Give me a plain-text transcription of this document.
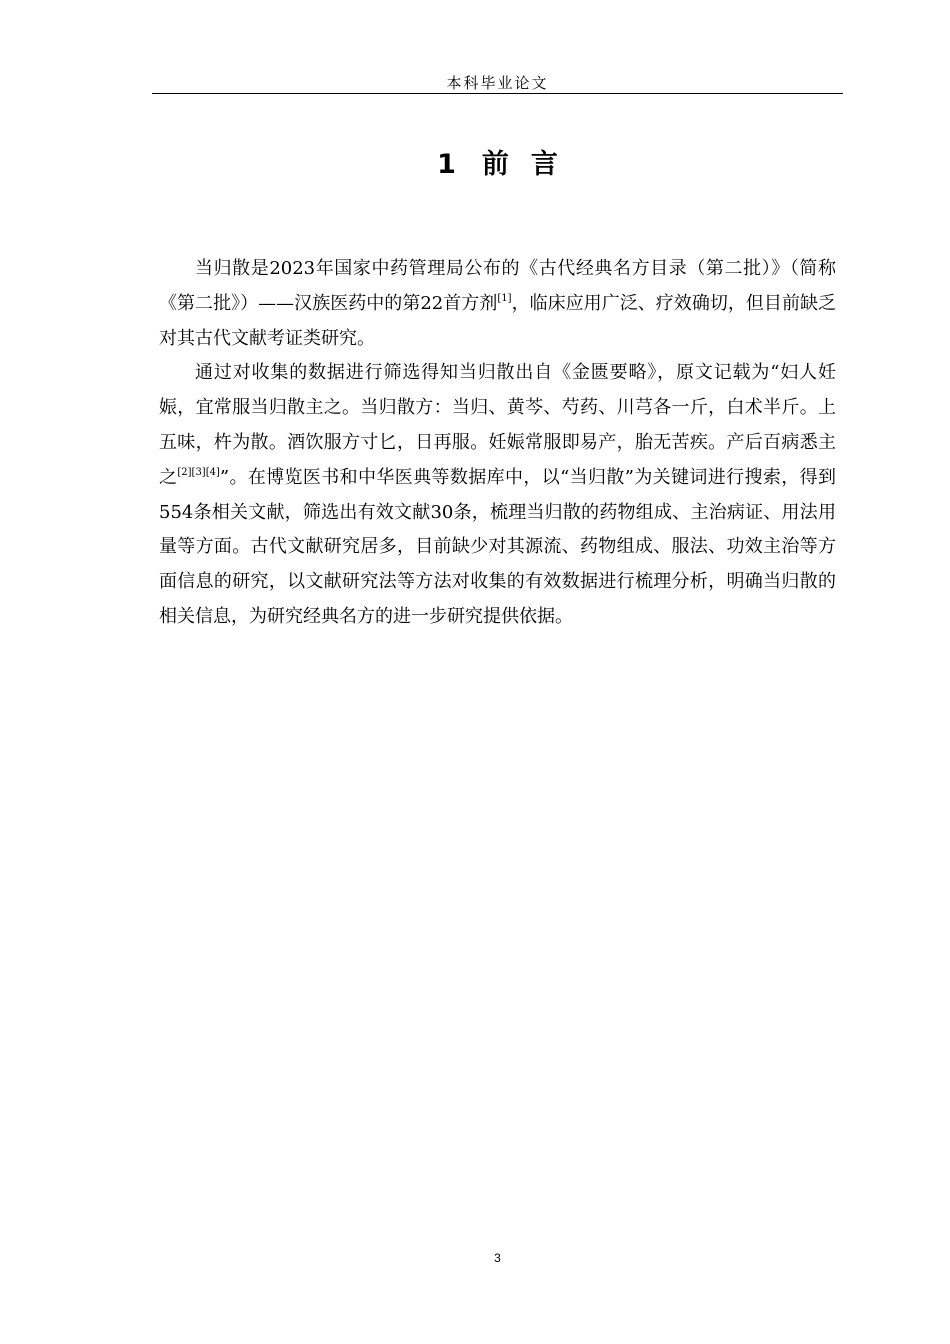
本科毕业论文
1 前言

当归散是2023年国家中药管理局公布的《古代经典名方目录（第二批）》（简称《第二批》）——汉族医药中的第22首方剂[1]，临床应用广泛、疗效确切，但目前缺乏对其古代文献考证类研究。

通过对收集的数据进行筛选得知当归散出自《金匮要略》，原文记载为“妇人妊娠，宜常服当归散主之。当归散方：当归、黄芩、芍药、川芎各一斤，白术半斤。上五味，杵为散。酒饮服方寸匕，日再服。妊娠常服即易产，胎无苦疾。产后百病悉主之[2][3][4]”。在博览医书和中华医典等数据库中，以“当归散”为关键词进行搜索，得到554条相关文献，筛选出有效文献30条，梳理当归散的药物组成、主治病证、用法用量等方面。古代文献研究居多，目前缺少对其源流、药物组成、服法、功效主治等方面信息的研究，以文献研究法等方法对收集的有效数据进行梳理分析，明确当归散的相关信息，为研究经典名方的进一步研究提供依据。

3
